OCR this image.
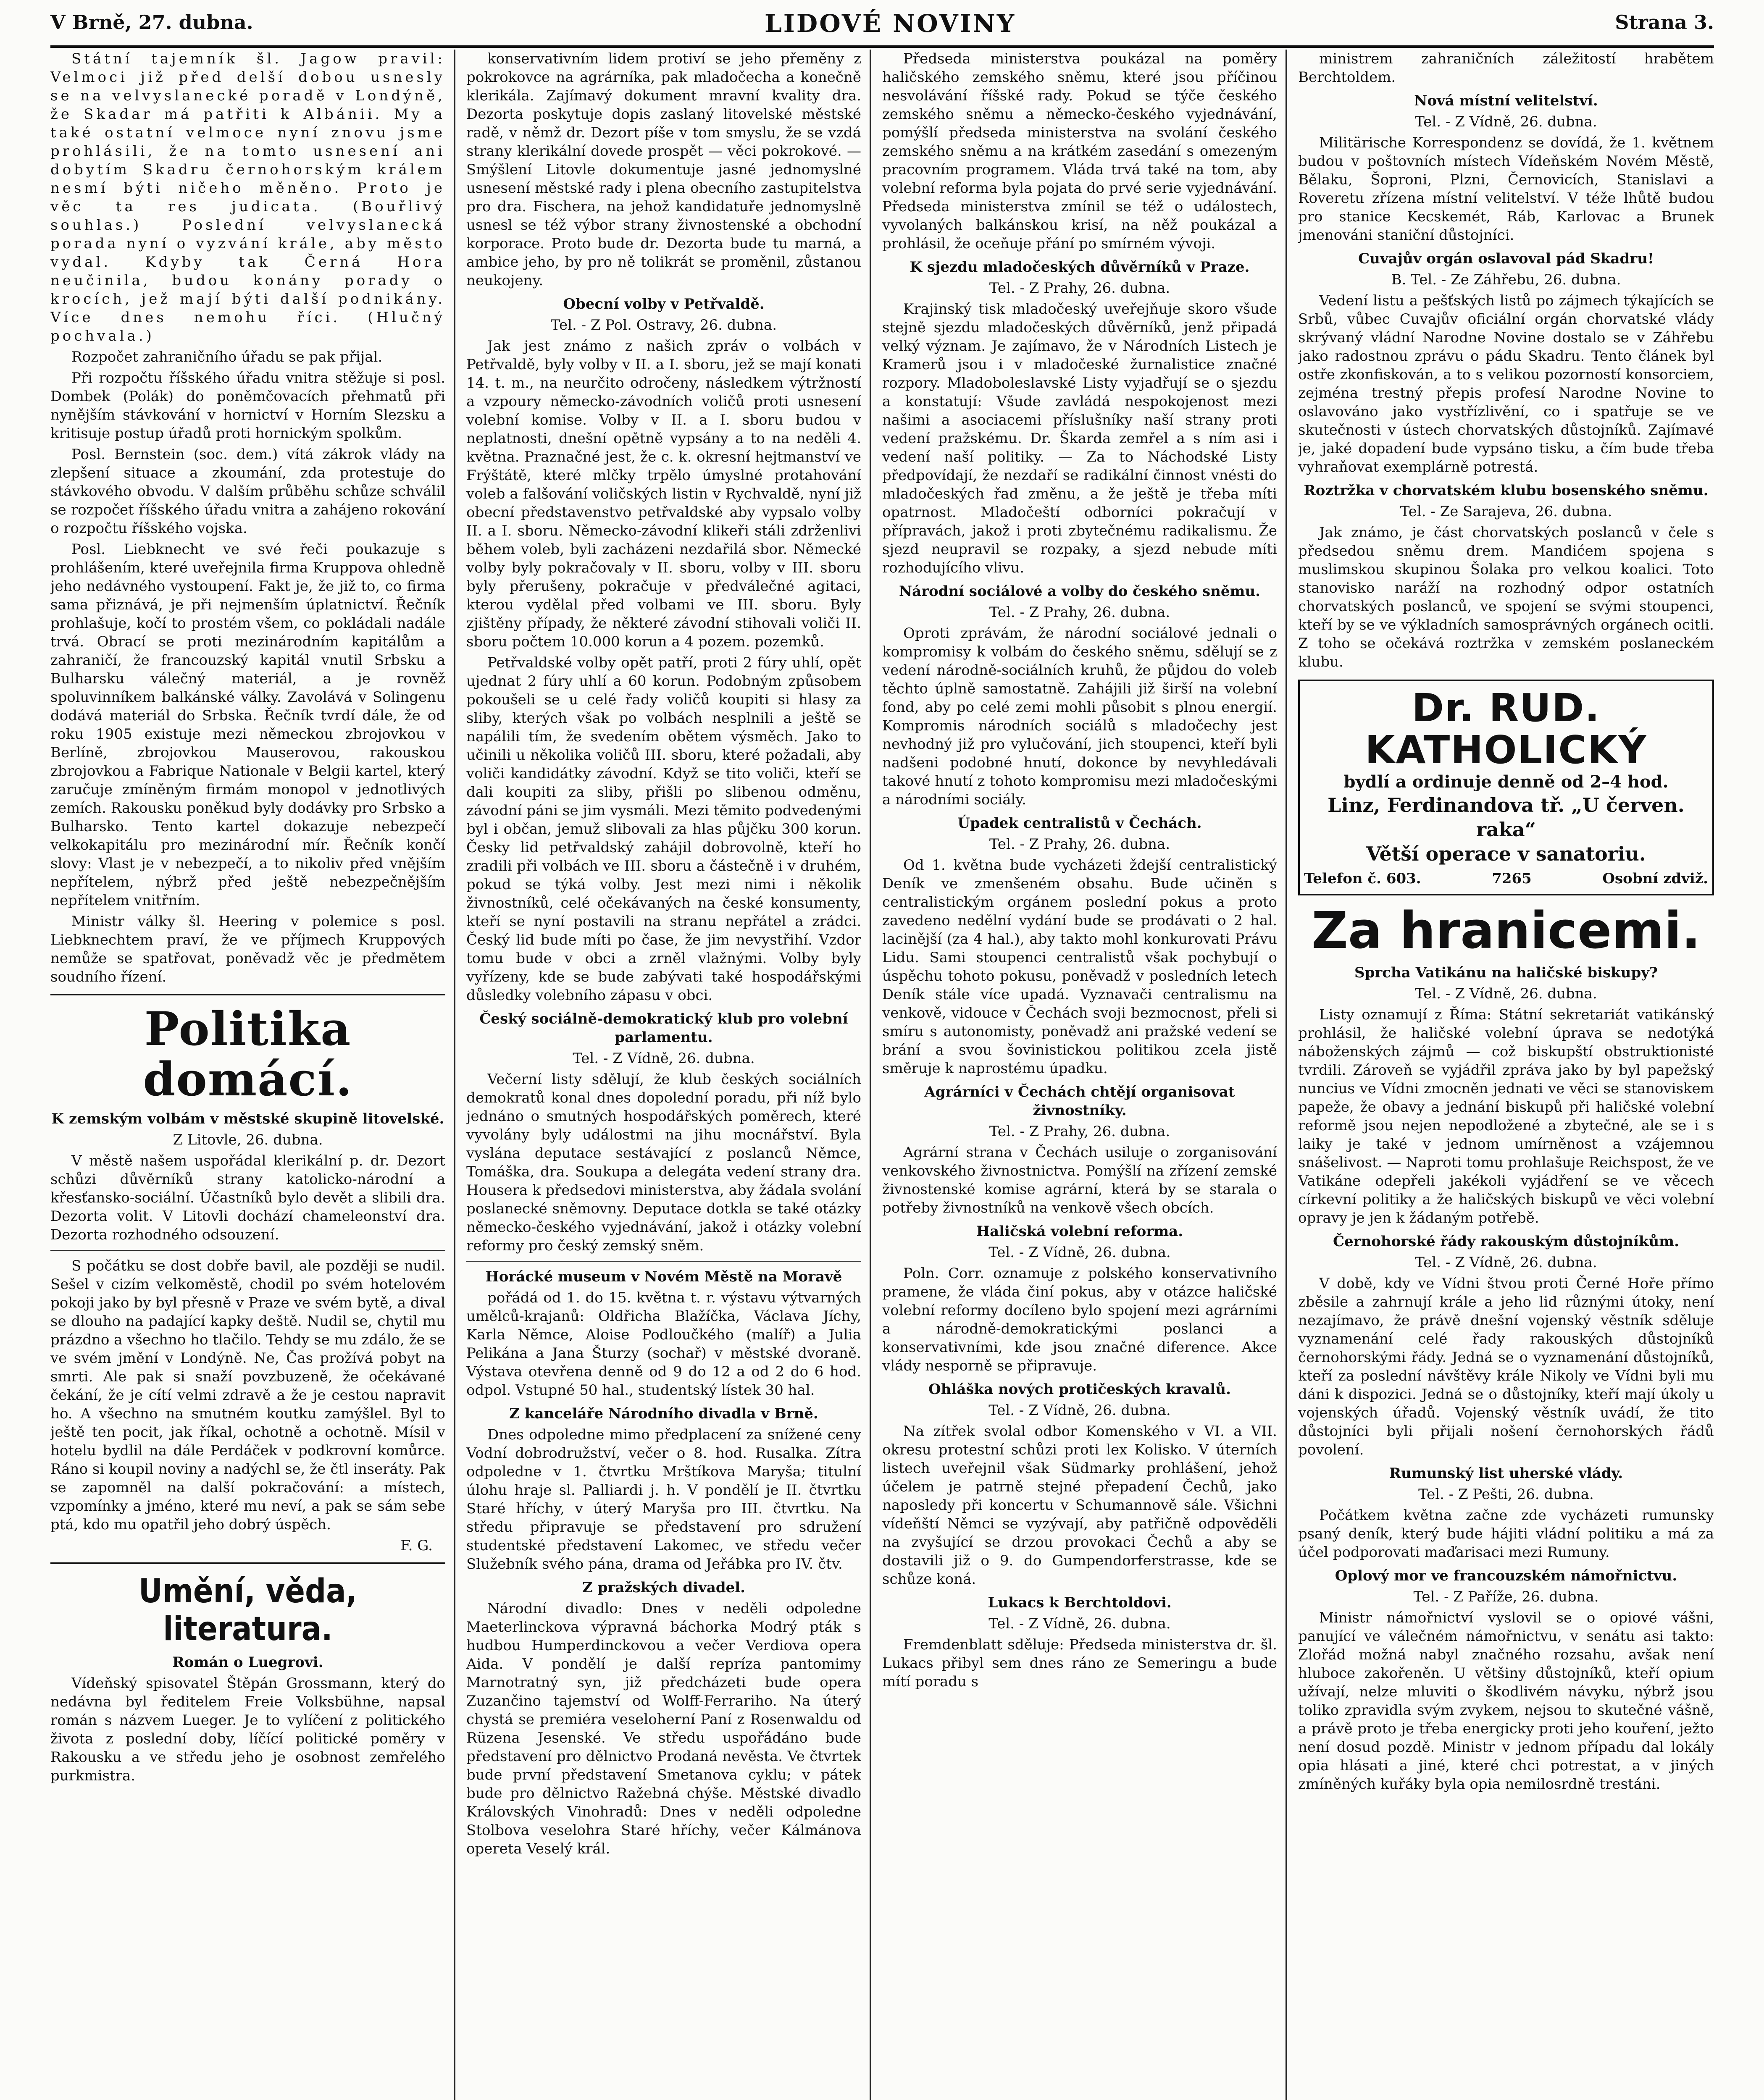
V Brně, 27. dubna.	LIDOVÉ NOVINY	Strana 3.

Státní tajemník šl. Jagow pravil: Velmoci již před delší dobou usnesly se na velvyslanecké poradě v Londýně, že Skadar má patřiti k Albánii. My a také ostatní velmoce nyní znovu jsme prohlásili, že na tomto usnesení ani dobytím Skadru černohorským králem nesmí býti ničeho měněno. Proto je věc ta res judicata. (Bouřlivý souhlas.) Poslední velvyslanecká porada nyní o vyzvání krále, aby město vydal. Kdyby tak Černá Hora neučinila, budou konány porady o krocích, jež mají býti další podnikány. Více dnes nemohu říci. (Hlučný pochvala.)

Rozpočet zahraničního úřadu se pak přijal.

Při rozpočtu říšského úřadu vnitra stěžuje si posl. Dombek (Polák) do poněmčovacích přehmatů při nynějším stávkování v hornictví v Horním Slezsku a kritisuje postup úřadů proti hornickým spolkům.

Posl. Bernstein (soc. dem.) vítá zákrok vlády na zlepšení situace a zkoumání, zda protestuje do stávkového obvodu. V dalším průběhu schůze schválil se rozpočet říšského úřadu vnitra a zahájeno rokování o rozpočtu říšského vojska.

Posl. Liebknecht ve své řeči poukazuje s prohlášením, které uveřejnila firma Kruppova ohledně jeho nedávného vystoupení. Fakt je, že již to, co firma sama přiznává, je při nejmenším úplatnictví. Řečník prohlašuje, kočí to prostém všem, co pokládali nadále trvá. Obrací se proti mezinárodním kapitálům a zahraničí, že francouzský kapitál vnutil Srbsku a Bulharsku válečný materiál, a je rovněž spoluvinníkem balkánské války. Zavolává v Solingenu dodává materiál do Srbska. Řečník tvrdí dále, že od roku 1905 existuje mezi německou zbrojovkou v Berlíně, zbrojovkou Mauserovou, rakouskou zbrojovkou a Fabrique Nationale v Belgii kartel, který zaručuje zmíněným firmám monopol v jednotlivých zemích. Rakousku poněkud byly dodávky pro Srbsko a Bulharsko. Tento kartel dokazuje nebezpečí velkokapitálu pro mezinárodní mír. Řečník končí slovy: Vlast je v nebezpečí, a to nikoliv před vnějším nepřítelem, nýbrž před ještě nebezpečnějším nepřítelem vnitřním.

Ministr války šl. Heering v polemice s posl. Liebknechtem praví, že ve příjmech Kruppových nemůže se spatřovat, poněvadž věc je předmětem soudního řízení.

Politika domácí.
K zemským volbám v městské skupině litovelské.
Z Litovle, 26. dubna.

V městě našem uspořádal klerikální p. dr. Dezort schůzi důvěrníků strany katolicko-národní a křesťansko-sociální. Účastníků bylo devět a slibili dra. Dezorta volit. V Litovli dochází chameleonství dra. Dezorta rozhodného odsouzení.

S počátku se dost dobře bavil, ale později se nudil. Sešel v cizím velkoměstě, chodil po svém hotelovém pokoji jako by byl přesně v Praze ve svém bytě, a dival se dlouho na padající kapky deště. Nudil se, chytil mu prázdno a všechno ho tlačilo. Tehdy se mu zdálo, že se ve svém jmění v Londýně. Ne, Čas prožívá pobyt na smrti. Ale pak si snaží povzbuzeně, že očekávané čekání, že je cítí velmi zdravě a že je cestou napravit ho. A všechno na smutném koutku zamýšlel. Byl to ještě ten pocit, jak říkal, ochotně a ochotně. Mísil v hotelu bydlil na dále Perdáček v podkrovní komůrce. Ráno si koupil noviny a nadýchl se, že čtl inseráty. Pak se zapomněl na další pokračování: a místech, vzpomínky a jméno, které mu neví, a pak se sám sebe ptá, kdo mu opatřil jeho dobrý úspěch.

F. G.
Umění, věda, literatura.
Román o Luegrovi.

Vídeňský spisovatel Štěpán Grossmann, který do nedávna byl ředitelem Freie Volksbühne, napsal román s názvem Lueger. Je to vylíčení z politického života z poslední doby, líčící politické poměry v Rakousku a ve středu jeho je osobnost zemřelého purkmistra.

konservativním lidem protiví se jeho přeměny z pokrokovce na agrárníka, pak mladočecha a konečně klerikála. Zajímavý dokument mravní kvality dra. Dezorta poskytuje dopis zaslaný litovelské městské radě, v němž dr. Dezort píše v tom smyslu, že se vzdá strany klerikální dovede prospět — věci pokrokové. — Smýšlení Litovle dokumentuje jasné jednomyslné usnesení městské rady i plena obecního zastupitelstva pro dra. Fischera, na jehož kandidatuře jednomyslně usnesl se též výbor strany živnostenské a obchodní korporace. Proto bude dr. Dezorta bude tu marná, a ambice jeho, by pro ně tolikrát se proměnil, zůstanou neukojeny.

Obecní volby v Petřvaldě.
Tel. - Z Pol. Ostravy, 26. dubna.

Jak jest známo z našich zpráv o volbách v Petřvaldě, byly volby v II. a I. sboru, jež se mají konati 14. t. m., na neurčito odročeny, následkem výtržností a vzpoury německo-závodních voličů proti usnesení volební komise. Volby v II. a I. sboru budou v neplatnosti, dnešní opětně vypsány a to na neděli 4. května. Praznačné jest, že c. k. okresní hejtmanství ve Frýštátě, které mlčky trpělo úmyslné protahování voleb a falšování voličských listin v Rychvaldě, nyní již obecní představenstvo petřvaldské aby vypsalo volby II. a I. sboru. Německo-závodní klikeři stáli zdrženlivi během voleb, byli zacházeni nezdařilá sbor. Německé volby byly pokračovaly v II. sboru, volby v III. sboru byly přerušeny, pokračuje v předválečné agitaci, kterou vydělal před volbami ve III. sboru. Byly zjištěny případy, že některé závodní stihovali voliči II. sboru počtem 10.000 korun a 4 pozem. pozemků.

Petřvaldské volby opět patří, proti 2 fúry uhlí, opět ujednat 2 fúry uhlí a 60 korun. Podobným způsobem pokoušeli se u celé řady voličů koupiti si hlasy za sliby, kterých však po volbách nesplnili a ještě se napálili tím, že svedením obětem výsměch. Jako to učinili u několika voličů III. sboru, které požadali, aby voliči kandidátky závodní. Když se tito voliči, kteří se dali koupiti za sliby, přišli po slibenou odměnu, závodní páni se jim vysmáli. Mezi těmito podvedenými byl i občan, jemuž slibovali za hlas půjčku 300 korun. Česky lid petřvaldský zahájil dobrovolně, kteří ho zradili při volbách ve III. sboru a částečně i v druhém, pokud se týká volby. Jest mezi nimi i několik živnostníků, celé očekávaných na české konsumenty, kteří se nyní postavili na stranu nepřátel a zrádci. Český lid bude míti po čase, že jim nevystřihí. Vzdor tomu bude v obci a zrněl vlažnými. Volby byly vyřízeny, kde se bude zabývati také hospodářskými důsledky volebního zápasu v obci.

Český sociálně-demokratický klub pro volební parlamentu.
Tel. - Z Vídně, 26. dubna.

Večerní listy sdělují, že klub českých sociálních demokratů konal dnes dopolední poradu, při níž bylo jednáno o smutných hospodářských poměrech, které vyvolány byly událostmi na jihu mocnářství. Byla vyslána deputace sestávající z poslanců Němce, Tomáška, dra. Soukupa a delegáta vedení strany dra. Housera k předsedovi ministerstva, aby žádala svolání poslanecké sněmovny. Deputace dotkla se také otázky německo-českého vyjednávání, jakož i otázky volební reformy pro český zemský sněm.

Horácké museum v Novém Městě na Moravě

pořádá od 1. do 15. května t. r. výstavu výtvarných umělců-krajanů: Oldřicha Blažíčka, Václava Jíchy, Karla Němce, Aloise Podloučkého (malíř) a Julia Pelikána a Jana Šturzy (sochař) v městské dvoraně. Výstava otevřena denně od 9 do 12 a od 2 do 6 hod. odpol. Vstupné 50 hal., studentský lístek 30 hal.

Z kanceláře Národního divadla v Brně.

Dnes odpoledne mimo předplacení za snížené ceny Vodní dobrodružství, večer o 8. hod. Rusalka. Zítra odpoledne v 1. čtvrtku Mrštíkova Maryša; titulní úlohu hraje sl. Palliardi j. h. V pondělí je II. čtvrtku Staré hříchy, v úterý Maryša pro III. čtvrtku. Na středu připravuje se představení pro sdružení studentské představení Lakomec, ve středu večer Služebník svého pána, drama od Jeřábka pro IV. čtv.

Z pražských divadel.

Národní divadlo: Dnes v neděli odpoledne Maeterlinckova výpravná báchorka Modrý pták s hudbou Humperdinckovou a večer Verdiova opera Aida. V pondělí je další repríza pantomimy Marnotratný syn, již předcházeti bude opera Zuzančino tajemství od Wolff-Ferrariho. Na úterý chystá se premiéra veseloherní Paní z Rosenwaldu od Rüzena Jesenské. Ve středu uspořádáno bude představení pro dělnictvo Prodaná nevěsta. Ve čtvrtek bude první představení Smetanova cyklu; v pátek bude pro dělnictvo Ražebná chýše. Městské divadlo Královských Vinohradů: Dnes v neděli odpoledne Stolbova veselohra Staré hříchy, večer Kálmánova opereta Veselý král.

Předseda ministerstva poukázal na poměry haličského zemského sněmu, které jsou příčinou nesvolávání říšské rady. Pokud se týče českého zemského sněmu a německo-českého vyjednávání, pomýšlí předseda ministerstva na svolání českého zemského sněmu a na krátkém zasedání s omezeným pracovním programem. Vláda trvá také na tom, aby volební reforma byla pojata do prvé serie vyjednávání. Předseda ministerstva zmínil se též o událostech, vyvolaných balkánskou krisí, na něž poukázal a prohlásil, že oceňuje přání po smírném vývoji.

K sjezdu mladočeských důvěrníků v Praze.
Tel. - Z Prahy, 26. dubna.

Krajinský tisk mladočeský uveřejňuje skoro všude stejně sjezdu mladočeských důvěrníků, jenž připadá velký význam. Je zajímavo, že v Národních Listech je Kramerů jsou i v mladočeské žurnalistice značné rozpory. Mladoboleslavské Listy vyjadřují se o sjezdu a konstatují: Všude zavládá nespokojenost mezi našimi a asociacemi příslušníky naší strany proti vedení pražskému. Dr. Škarda zemřel a s ním asi i vedení naší politiky. — Za to Náchodské Listy předpovídají, že nezdaří se radikální činnost vnésti do mladočeských řad změnu, a že ještě je třeba míti opatrnost. Mladočeští odborníci pokračují v přípravách, jakož i proti zbytečnému radikalismu. Že sjezd neupravil se rozpaky, a sjezd nebude míti rozhodujícího vlivu.

Národní sociálové a volby do českého sněmu.
Tel. - Z Prahy, 26. dubna.

Oproti zprávám, že národní sociálové jednali o kompromisy k volbám do českého sněmu, sdělují se z vedení národně-sociálních kruhů, že půjdou do voleb těchto úplně samostatně. Zahájili již širší na volební fond, aby po celé zemi mohli působit s plnou energií. Kompromis národních sociálů s mladočechy jest nevhodný již pro vylučování, jich stoupenci, kteří byli nadšeni podobné hnutí, dokonce by nevyhledávali takové hnutí z tohoto kompromisu mezi mladočeskými a národními sociály.

Úpadek centralistů v Čechách.
Tel. - Z Prahy, 26. dubna.

Od 1. května bude vycházeti ždejší centralistický Deník ve zmenšeném obsahu. Bude učiněn s centralistickým orgánem poslední pokus a proto zavedeno nedělní vydání bude se prodávati o 2 hal. lacinější (za 4 hal.), aby takto mohl konkurovati Právu Lidu. Sami stoupenci centralistů však pochybují o úspěchu tohoto pokusu, poněvadž v posledních letech Deník stále více upadá. Vyznavači centralismu na venkově, vidouce v Čechách svoji bezmocnost, přeli si smíru s autonomisty, poněvadž ani pražské vedení se brání a svou šovinistickou politikou zcela jistě směruje k naprostému úpadku.

Agrárníci v Čechách chtějí organisovat živnostníky.
Tel. - Z Prahy, 26. dubna.

Agrární strana v Čechách usiluje o zorganisování venkovského živnostnictva. Pomýšlí na zřízení zemské živnostenské komise agrární, která by se starala o potřeby živnostníků na venkově všech obcích.

Haličská volební reforma.
Tel. - Z Vídně, 26. dubna.

Poln. Corr. oznamuje z polského konservativního pramene, že vláda činí pokus, aby v otázce haličské volební reformy docíleno bylo spojení mezi agrárními a národně-demokratickými poslanci a konservativními, kde jsou značné diference. Akce vlády nesporně se připravuje.

Ohláška nových protičeských kravalů.
Tel. - Z Vídně, 26. dubna.

Na zítřek svolal odbor Komenského v VI. a VII. okresu protestní schůzi proti lex Kolisko. V úterních listech uveřejnil však Südmarky prohlášení, jehož účelem je patrně stejné přepadení Čechů, jako naposledy při koncertu v Schumannově sále. Všichni vídeňští Němci se vyzývají, aby patřičně odpověděli na zvyšující se drzou provokaci Čechů a aby se dostavili již o 9. do Gumpendorferstrasse, kde se schůze koná.

Lukacs k Berchtoldovi.
Tel. - Z Vídně, 26. dubna.

Fremdenblatt sděluje: Předseda ministerstva dr. šl. Lukacs přibyl sem dnes ráno ze Semeringu a bude mítí poradu s

ministrem zahraničních záležitostí hrabětem Berchtoldem.

Nová místní velitelství.
Tel. - Z Vídně, 26. dubna.

Militärische Korrespondenz se dovídá, že 1. květnem budou v poštovních místech Vídeňském Novém Městě, Bělaku, Šoproni, Plzni, Černovicích, Stanislavi a Roveretu zřízena místní velitelství. V téže lhůtě budou pro stanice Kecskemét, Ráb, Karlovac a Brunek jmenováni staniční důstojníci.

Cuvajův orgán oslavoval pád Skadru!
B. Tel. - Ze Záhřebu, 26. dubna.

Vedení listu a pešťských listů po zájmech týkajících se Srbů, vůbec Cuvajův oficiální orgán chorvatské vlády skrývaný vládní Narodne Novine dostalo se v Záhřebu jako radostnou zprávu o pádu Skadru. Tento článek byl ostře zkonfiskován, a to s velikou pozorností konsorciem, zejména trestný přepis profesí Narodne Novine to oslavováno jako vystřízlivění, co i spatřuje se ve skutečnosti v ústech chorvatských důstojníků. Zajímavé je, jaké dopadení bude vypsáno tisku, a čím bude třeba vyhraňovat exemplárně potrestá.

Roztržka v chorvatském klubu bosenského sněmu.
Tel. - Ze Sarajeva, 26. dubna.

Jak známo, je část chorvatských poslanců v čele s předsedou sněmu drem. Mandićem spojena s muslimskou skupinou Šolaka pro velkou koalici. Toto stanovisko naráží na rozhodný odpor ostatních chorvatských poslanců, ve spojení se svými stoupenci, kteří by se ve výkladních samosprávných orgánech ocitli. Z toho se očekává roztržka v zemském poslaneckém klubu.

Dr. RUD. KATHOLICKÝ
bydlí a ordinuje denně od 2–4 hod.
Linz, Ferdinandova tř. „U červen. raka“
Větší operace v sanatoriu.
Telefon č. 603.	7265	Osobní zdviž.
Za hranicemi.
Sprcha Vatikánu na haličské biskupy?
Tel. - Z Vídně, 26. dubna.

Listy oznamují z Říma: Státní sekretariát vatikánský prohlásil, že haličské volební úprava se nedotýká náboženských zájmů — což biskupští obstruktionisté tvrdili. Zároveň se vyjádřil zpráva jako by byl papežský nuncius ve Vídni zmocněn jednati ve věci se stanoviskem papeže, že obavy a jednání biskupů při haličské volební reformě jsou nejen nepodložené a zbytečné, ale se i s laiky je také v jednom umírněnost a vzájemnou snášelivost. — Naproti tomu prohlašuje Reichspost, že ve Vatikáne odepřeli jakékoli vyjádření se ve věcech církevní politiky a že haličských biskupů ve věci volební opravy je jen k žádaným potřebě.

Černohorské řády rakouským důstojníkům.
Tel. - Z Vídně, 26. dubna.

V době, kdy ve Vídni štvou proti Černé Hoře přímo zběsile a zahrnují krále a jeho lid různými útoky, není nezajímavo, že právě dnešní vojenský věstník sděluje vyznamenání celé řady rakouských důstojníků černohorskými řády. Jedná se o vyznamenání důstojníků, kteří za poslední návštěvy krále Nikoly ve Vídni byli mu dáni k dispozici. Jedná se o důstojníky, kteří mají úkoly u vojenských úřadů. Vojenský věstník uvádí, že tito důstojníci byli přijali nošení černohorských řádů povolení.

Rumunský list uherské vlády.
Tel. - Z Pešti, 26. dubna.

Počátkem května začne zde vycházeti rumunsky psaný deník, který bude hájiti vládní politiku a má za účel podporovati maďarisaci mezi Rumuny.

Oplový mor ve francouzském námořnictvu.
Tel. - Z Paříže, 26. dubna.

Ministr námořnictví vyslovil se o opiové vášni, panující ve válečném námořnictvu, v senátu asi takto: Zlořád možná nabyl značného rozsahu, avšak není hluboce zakořeněn. U většiny důstojníků, kteří opium užívají, nelze mluviti o škodlivém návyku, nýbrž jsou toliko zpravidla svým zvykem, nejsou to skutečné vášně, a právě proto je třeba energicky proti jeho kouření, ježto není dosud pozdě. Ministr v jednom případu dal lokály opia hlásati a jiné, které chci potrestat, a v jiných zmíněných kuřáky byla opia nemilosrdně trestáni.
